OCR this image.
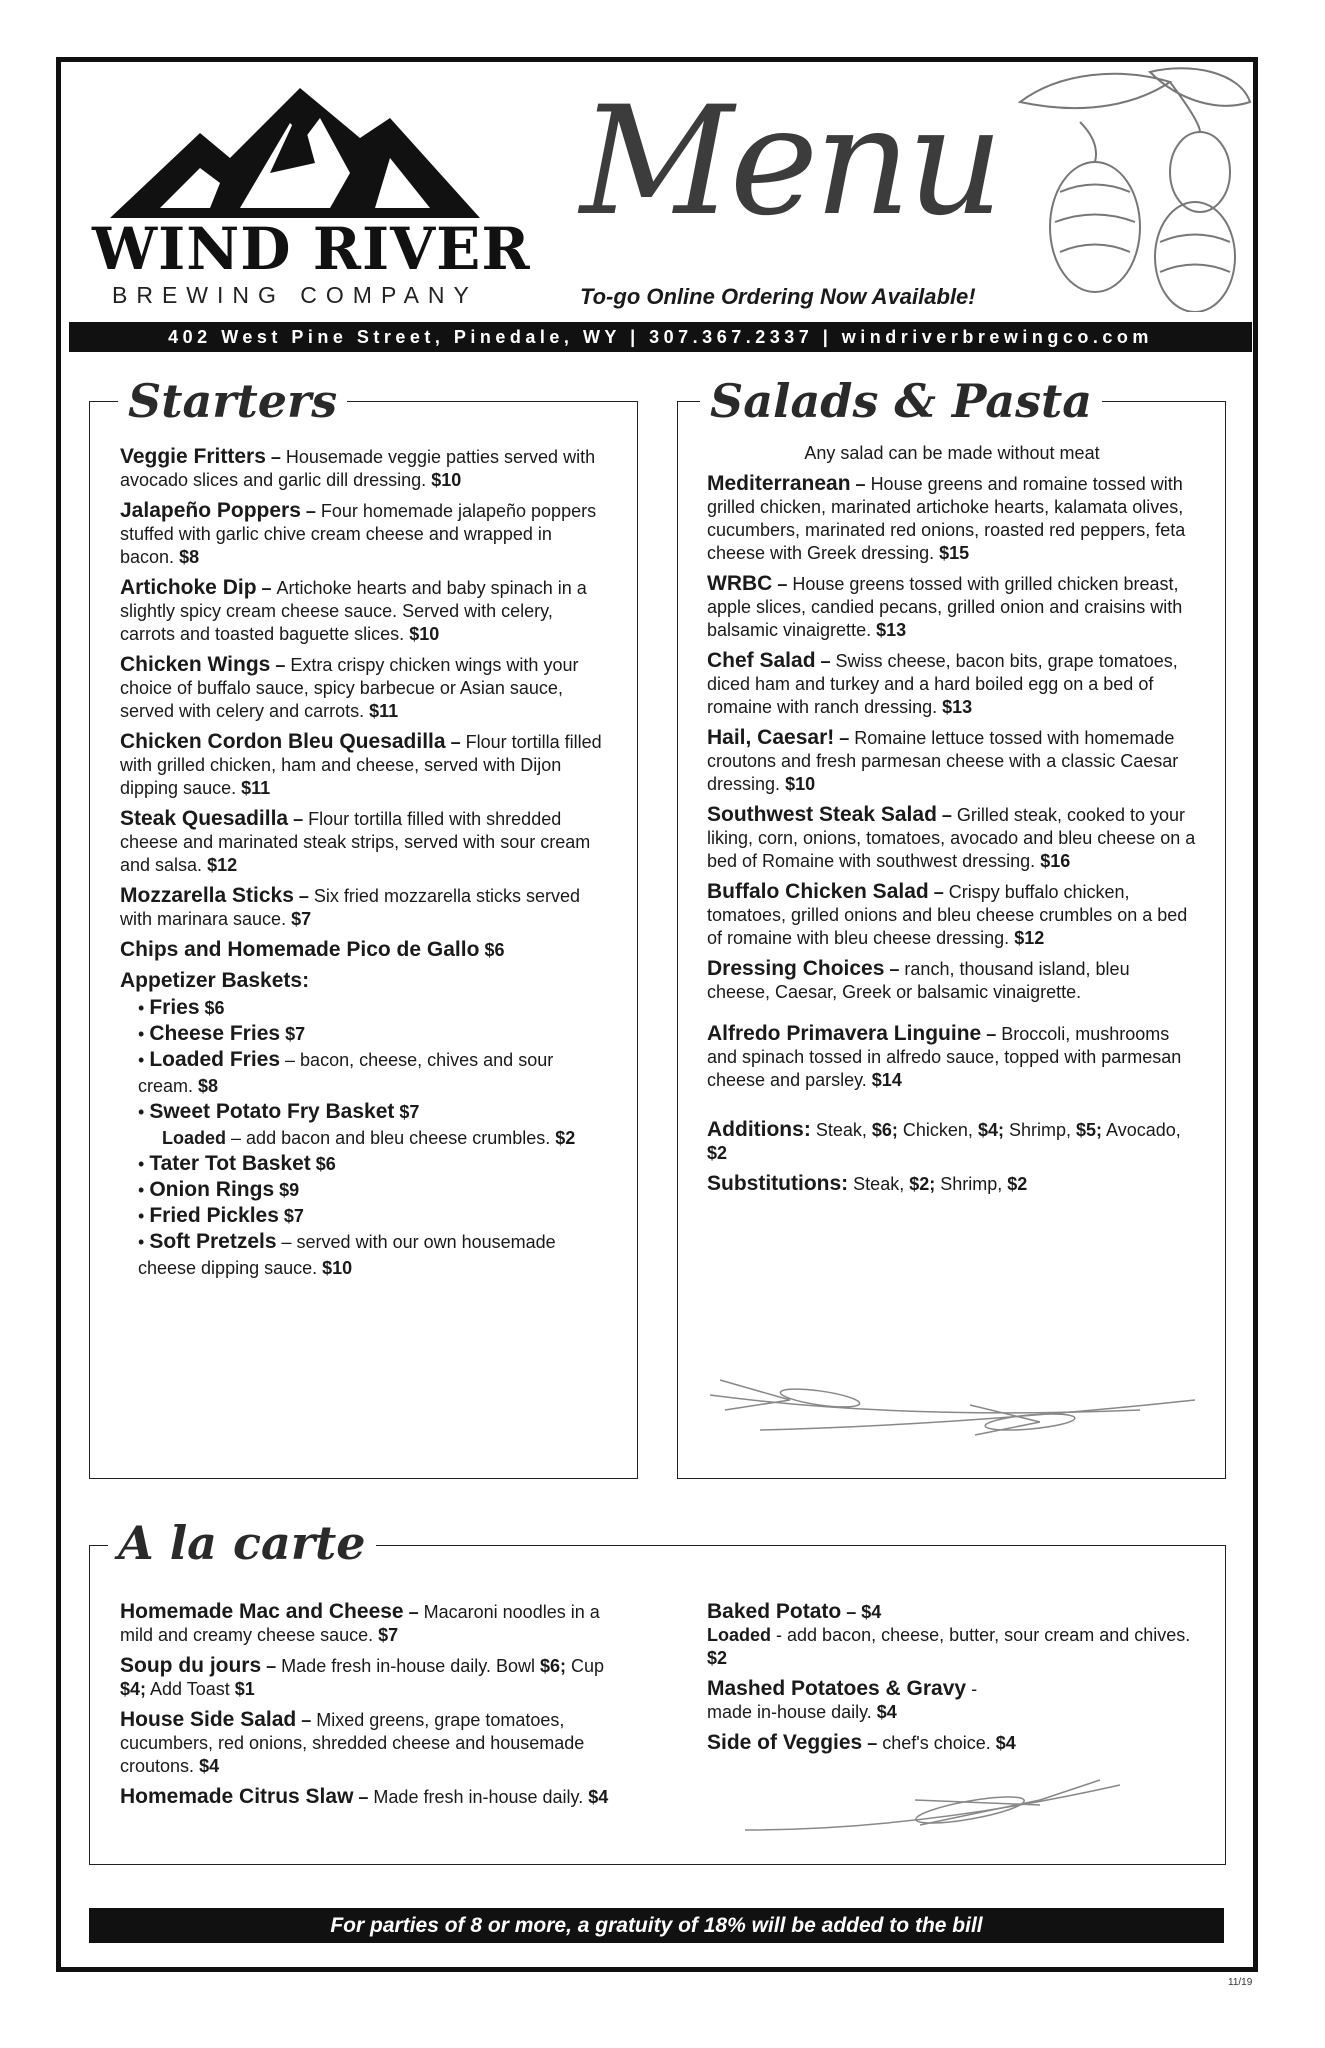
WIND RIVER
BREWING COMPANY
Menu
To-go Online Ordering Now Available!
402 West Pine Street, Pinedale, WY | 307.367.2337 | windriverbrewingco.com
Starters
Veggie Fritters – Housemade veggie patties served with avocado slices and garlic dill dressing. $10
Jalapeño Poppers – Four homemade jalapeño poppers stuffed with garlic chive cream cheese and wrapped in bacon. $8
Artichoke Dip – Artichoke hearts and baby spinach in a slightly spicy cream cheese sauce. Served with celery, carrots and toasted baguette slices. $10
Chicken Wings – Extra crispy chicken wings with your choice of buffalo sauce, spicy barbecue or Asian sauce, served with celery and carrots. $11
Chicken Cordon Bleu Quesadilla – Flour tortilla filled with grilled chicken, ham and cheese, served with Dijon dipping sauce. $11
Steak Quesadilla – Flour tortilla filled with shredded cheese and marinated steak strips, served with sour cream and salsa. $12
Mozzarella Sticks – Six fried mozzarella sticks served with marinara sauce. $7
Chips and Homemade Pico de Gallo $6
Appetizer Baskets:
• Fries $6
• Cheese Fries $7
• Loaded Fries – bacon, cheese, chives and sour cream. $8
• Sweet Potato Fry Basket $7
Loaded – add bacon and bleu cheese crumbles. $2
• Tater Tot Basket $6
• Onion Rings $9
• Fried Pickles $7
• Soft Pretzels – served with our own housemade cheese dipping sauce. $10
Salads & Pasta
Any salad can be made without meat
Mediterranean – House greens and romaine tossed with grilled chicken, marinated artichoke hearts, kalamata olives, cucumbers, marinated red onions, roasted red peppers, feta cheese with Greek dressing. $15
WRBC – House greens tossed with grilled chicken breast, apple slices, candied pecans, grilled onion and craisins with balsamic vinaigrette. $13
Chef Salad – Swiss cheese, bacon bits, grape tomatoes, diced ham and turkey and a hard boiled egg on a bed of romaine with ranch dressing. $13
Hail, Caesar! – Romaine lettuce tossed with homemade croutons and fresh parmesan cheese with a classic Caesar dressing. $10
Southwest Steak Salad – Grilled steak, cooked to your liking, corn, onions, tomatoes, avocado and bleu cheese on a bed of Romaine with southwest dressing. $16
Buffalo Chicken Salad – Crispy buffalo chicken, tomatoes, grilled onions and bleu cheese crumbles on a bed of romaine with bleu cheese dressing. $12
Dressing Choices – ranch, thousand island, bleu cheese, Caesar, Greek or balsamic vinaigrette.
Alfredo Primavera Linguine – Broccoli, mushrooms and spinach tossed in alfredo sauce, topped with parmesan cheese and parsley. $14
Additions: Steak, $6; Chicken, $4; Shrimp, $5; Avocado, $2
Substitutions: Steak, $2; Shrimp, $2
A la carte
Homemade Mac and Cheese – Macaroni noodles in a mild and creamy cheese sauce. $7
Soup du jours – Made fresh in-house daily. Bowl $6; Cup $4; Add Toast $1
House Side Salad – Mixed greens, grape tomatoes, cucumbers, red onions, shredded cheese and housemade croutons. $4
Homemade Citrus Slaw – Made fresh in-house daily. $4
Baked Potato – $4
Loaded - add bacon, cheese, butter, sour cream and chives. $2
Mashed Potatoes & Gravy -
made in-house daily. $4
Side of Veggies – chef's choice. $4
For parties of 8 or more, a gratuity of 18% will be added to the bill
11/19
